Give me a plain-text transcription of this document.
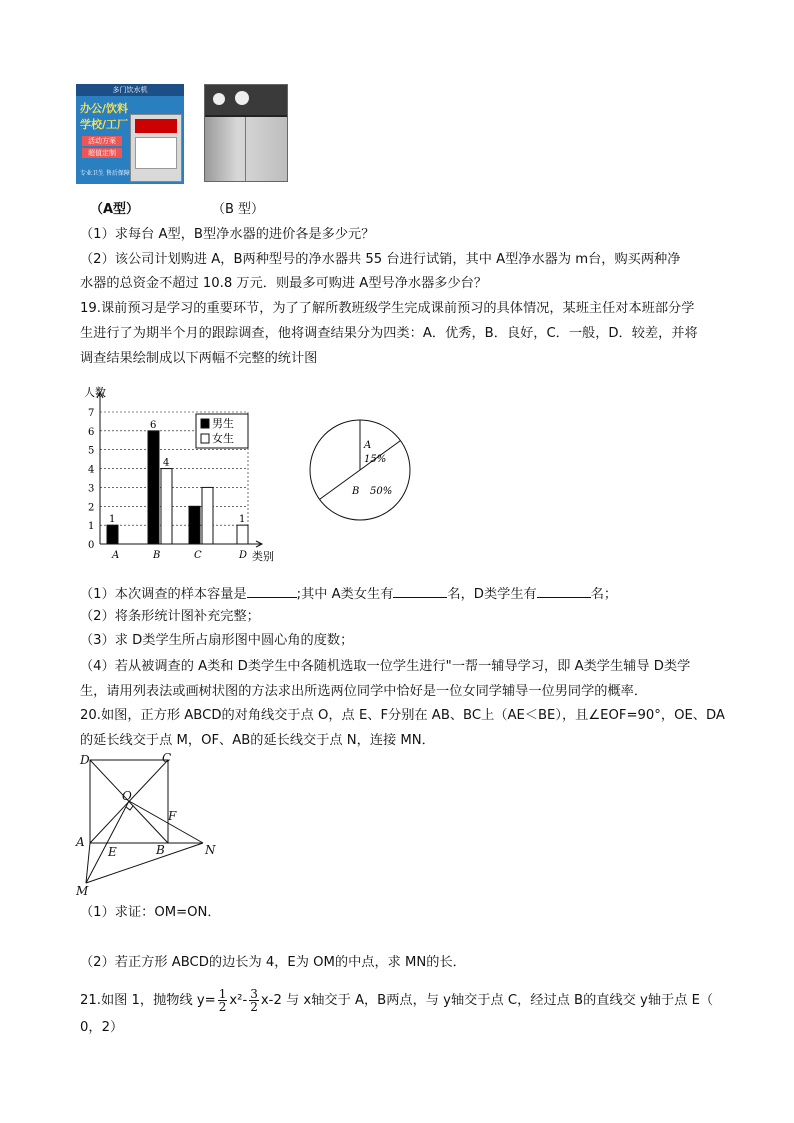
多门饮水机
办公/饮料
学校/工厂
活动方案
超值定制
专业卫生 售后保障
（A型）	（B 型）
（1）求每台 A型，B型净水器的进价各是多少元？
（2）该公司计划购进 A，B两种型号的净水器共 55 台进行试销，其中 A型净水器为 m台，购买两种净
水器的总资金不超过 10.8 万元．则最多可购进 A型号净水器多少台？
19.课前预习是学习的重要环节，为了了解所教班级学生完成课前预习的具体情况，某班主任对本班部分学
生进行了为期半个月的跟踪调查，他将调查结果分为四类：A．优秀，B．良好，C．一般，D．较差，并将
调查结果绘制成以下两幅不完整的统计图
人数
0
1
2
3
4
5
6
7
类别
A
1
B
6
4
C	D
1
男生
女生
A
15%
B 50%
（1）本次调查的样本容量是	;其中 A类女生有	名，D类学生有	名；
（2）将条形统计图补充完整；
（3）求 D类学生所占扇形图中圆心角的度数；
（4）若从被调查的 A类和 D类学生中各随机选取一位学生进行"一帮一辅导学习，即 A类学生辅导 D类学
生，请用列表法或画树状图的方法求出所选两位同学中恰好是一位女同学辅导一位男同学的概率．
20.如图，正方形 ABCD的对角线交于点 O，点 E、F分别在 AB、BC上（AE＜BE），且∠EOF=90°，OE、DA
的延长线交于点 M，OF、AB的延长线交于点 N，连接 MN．
D	C
O
F
A
E	B	N
M
（1）求证：OM=ON．
（2）若正方形 ABCD的边长为 4，E为 OM的中点，求 MN的长．
21.如图 1，抛物线 $y= \frac{1}{2} x^2- \frac{3}{2} x-2$ 与 x轴交于 A，B两点，与 y轴交于点 C，经过点 B的直线交 y轴于点 E（
0，2）
